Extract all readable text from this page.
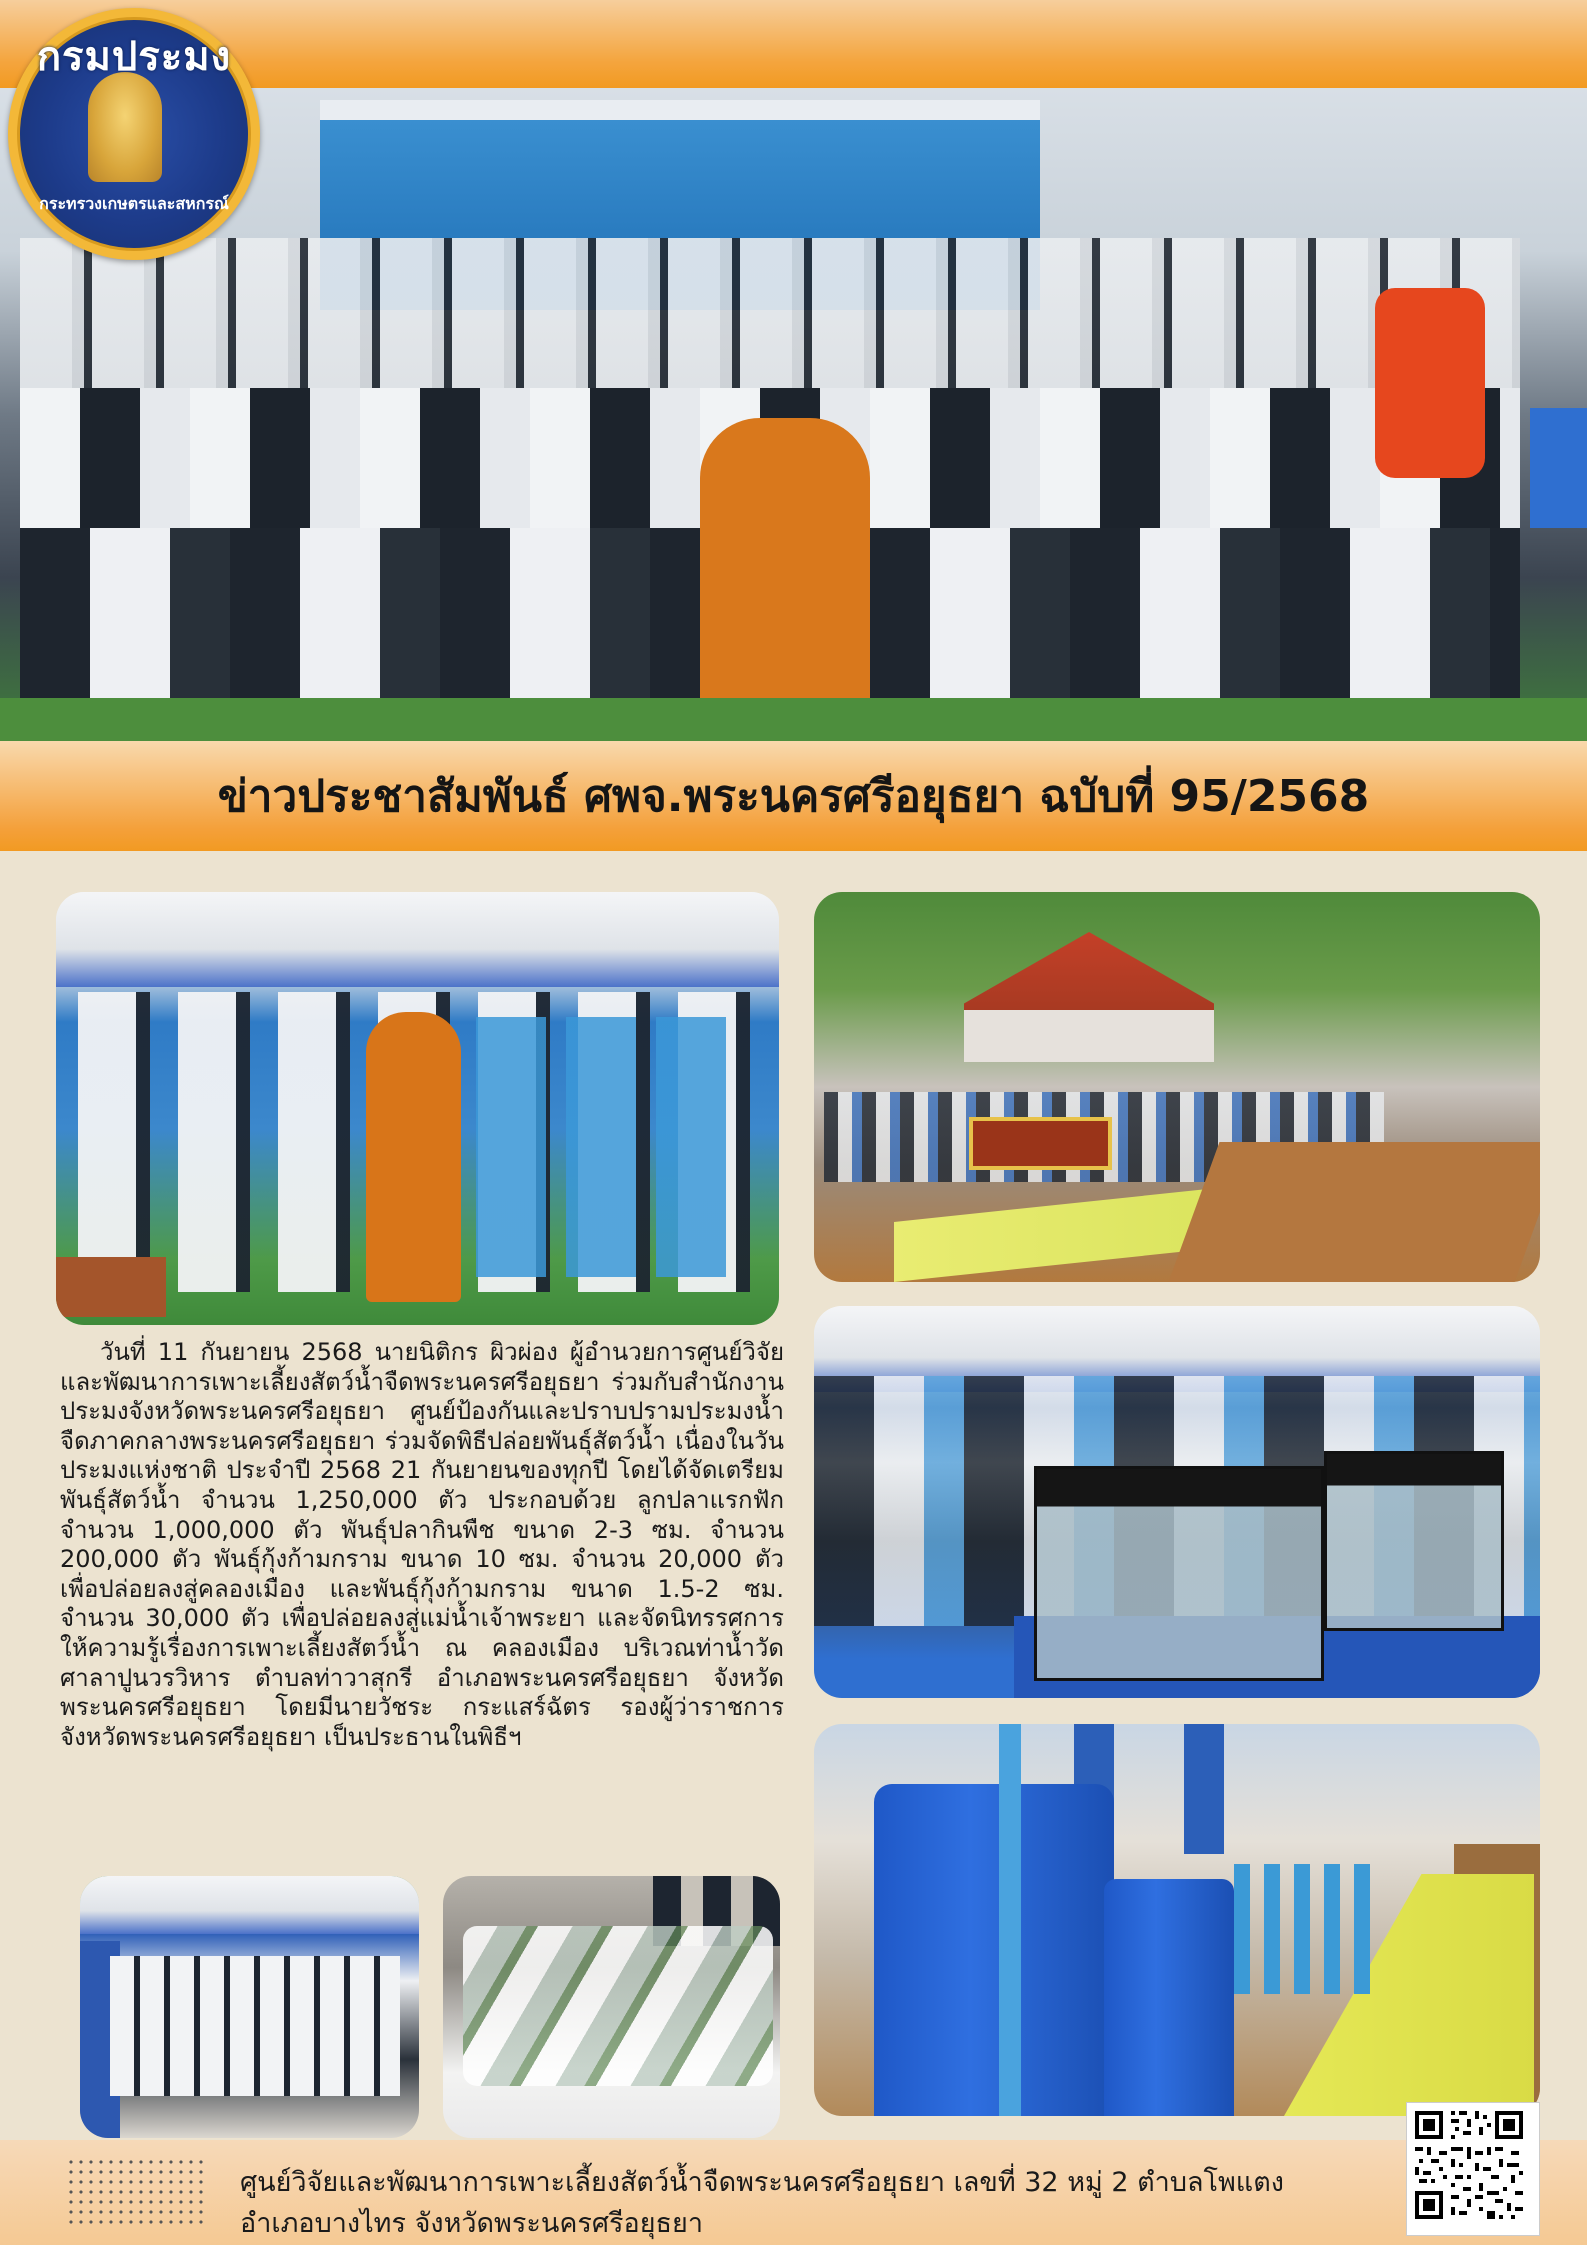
กรมประมง
กระทรวงเกษตรและสหกรณ์
ข่าวประชาสัมพันธ์ ศพจ.พระนครศรีอยุธยา ฉบับที่ 95/2568

วันที่ 11 กันยายน 2568 นายนิติกร ผิวผ่อง ผู้อำนวยการศูนย์วิจัยและพัฒนาการเพาะเลี้ยงสัตว์น้ำจืดพระนครศรีอยุธยา ร่วมกับสำนักงานประมงจังหวัดพระนครศรีอยุธยา ศูนย์ป้องกันและปราบปรามประมงน้ำจืดภาคกลางพระนครศรีอยุธยา ร่วมจัดพิธีปล่อยพันธุ์สัตว์น้ำ เนื่องในวันประมงแห่งชาติ ประจำปี 2568 21 กันยายนของทุกปี โดยได้จัดเตรียมพันธุ์สัตว์น้ำ จำนวน 1,250,000 ตัว ประกอบด้วย ลูกปลาแรกฟัก จำนวน 1,000,000 ตัว พันธุ์ปลากินพืช ขนาด 2-3 ซม. จำนวน 200,000 ตัว พันธุ์กุ้งก้ามกราม ขนาด 10 ซม. จำนวน 20,000 ตัว เพื่อปล่อยลงสู่คลองเมือง และพันธุ์กุ้งก้ามกราม ขนาด 1.5-2 ซม. จำนวน 30,000 ตัว เพื่อปล่อยลงสู่แม่น้ำเจ้าพระยา และจัดนิทรรศการให้ความรู้เรื่องการเพาะเลี้ยงสัตว์น้ำ ณ คลองเมือง บริเวณท่าน้ำวัดศาลาปูนวรวิหาร ตำบลท่าวาสุกรี อำเภอพระนครศรีอยุธยา จังหวัดพระนครศรีอยุธยา โดยมีนายวัชระ กระแสร์ฉัตร รองผู้ว่าราชการจังหวัดพระนครศรีอยุธยา เป็นประธานในพิธีฯ

ศูนย์วิจัยและพัฒนาการเพาะเลี้ยงสัตว์น้ำจืดพระนครศรีอยุธยา เลขที่ 32 หมู่ 2 ตำบลโพแตง
อำเภอบางไทร จังหวัดพระนครศรีอยุธยา
